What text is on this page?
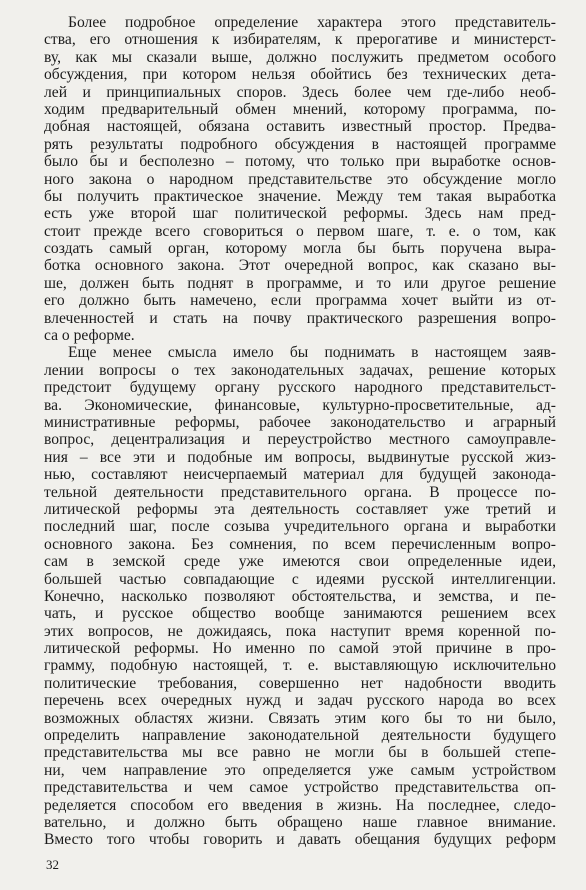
Более подробное определение характера этого представитель-
ства, его отношения к избирателям, к прерогативе и министерст-
ву, как мы сказали выше, должно послужить предметом особого
обсуждения, при котором нельзя обойтись без технических дета-
лей и принципиальных споров. Здесь более чем где-либо необ-
ходим предварительный обмен мнений, которому программа, по-
добная настоящей, обязана оставить известный простор. Предва-
рять результаты подробного обсуждения в настоящей программе
было бы и бесполезно – потому, что только при выработке основ-
ного закона о народном представительстве это обсуждение могло
бы получить практическое значение. Между тем такая выработка
есть уже второй шаг политической реформы. Здесь нам пред-
стоит прежде всего сговориться о первом шаге, т. е. о том, как
создать самый орган, которому могла бы быть поручена выра-
ботка основного закона. Этот очередной вопрос, как сказано вы-
ше, должен быть поднят в программе, и то или другое решение
его должно быть намечено, если программа хочет выйти из от-
влеченностей и стать на почву практического разрешения вопро-
са о реформе.
Еще менее смысла имело бы поднимать в настоящем заяв-
лении вопросы о тех законодательных задачах, решение которых
предстоит будущему органу русского народного представительст-
ва. Экономические, финансовые, культурно-просветительные, ад-
министративные реформы, рабочее законодательство и аграрный
вопрос, децентрализация и переустройство местного самоуправле-
ния – все эти и подобные им вопросы, выдвинутые русской жиз-
нью, составляют неисчерпаемый материал для будущей законода-
тельной деятельности представительного органа. В процессе по-
литической реформы эта деятельность составляет уже третий и
последний шаг, после созыва учредительного органа и выработки
основного закона. Без сомнения, по всем перечисленным вопро-
сам в земской среде уже имеются свои определенные идеи,
большей частью совпадающие с идеями русской интеллигенции.
Конечно, насколько позволяют обстоятельства, и земства, и пе-
чать, и русское общество вообще занимаются решением всех
этих вопросов, не дожидаясь, пока наступит время коренной по-
литической реформы. Но именно по самой этой причине в про-
грамму, подобную настоящей, т. е. выставляющую исключительно
политические требования, совершенно нет надобности вводить
перечень всех очередных нужд и задач русского народа во всех
возможных областях жизни. Связать этим кого бы то ни было,
определить направление законодательной деятельности будущего
представительства мы все равно не могли бы в большей степе-
ни, чем направление это определяется уже самым устройством
представительства и чем самое устройство представительства оп-
ределяется способом его введения в жизнь. На последнее, следо-
вательно, и должно быть обращено наше главное внимание.
Вместо того чтобы говорить и давать обещания будущих реформ
32
